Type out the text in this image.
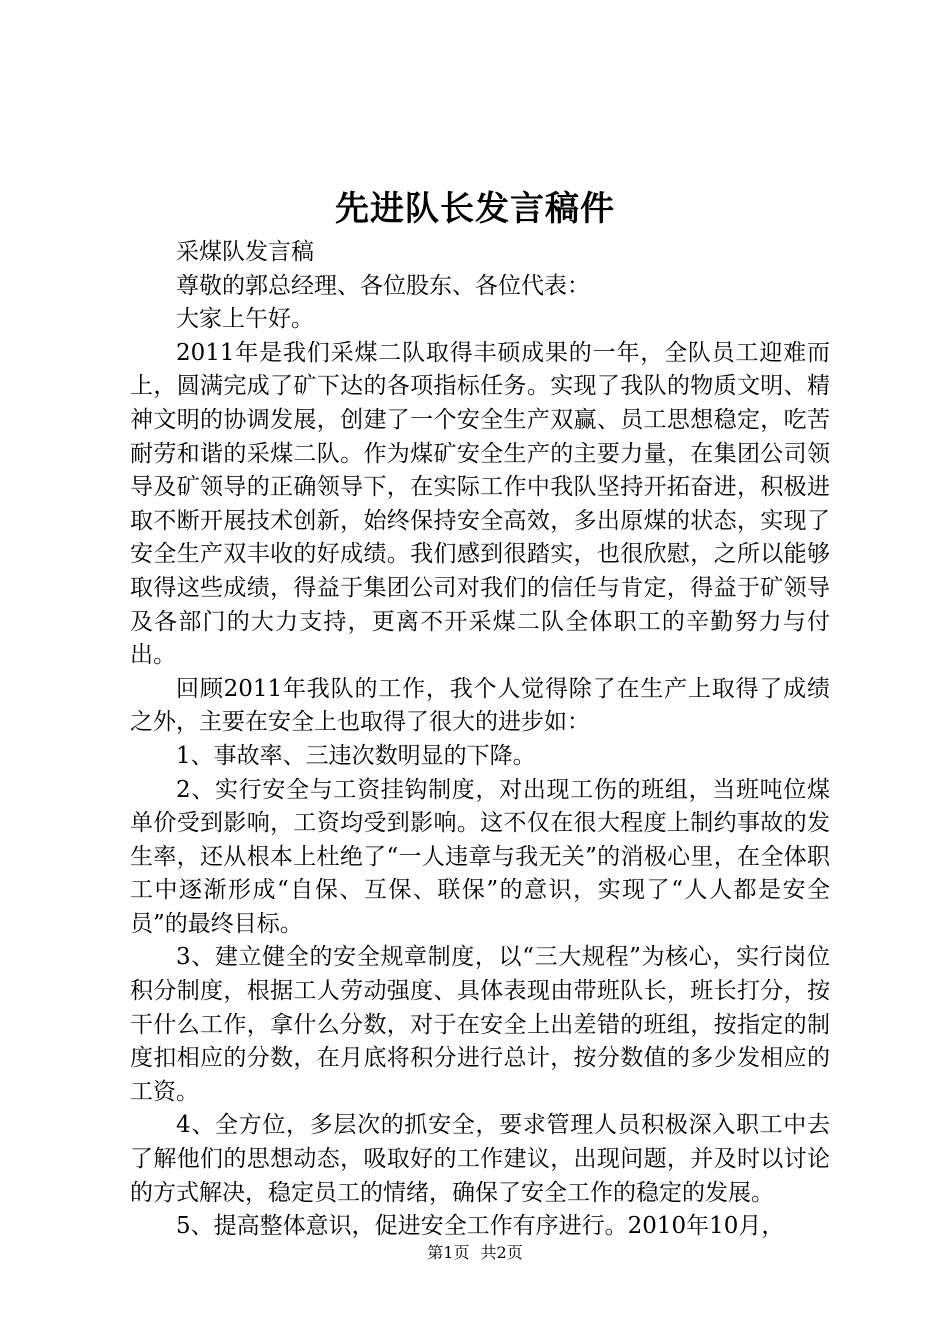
先进队长发言稿件

采煤队发言稿

尊敬的郭总经理、各位股东、各位代表：

大家上午好。

2011年是我们采煤二队取得丰硕成果的一年，全队员工迎难而上，圆满完成了矿下达的各项指标任务。实现了我队的物质文明、精神文明的协调发展，创建了一个安全生产双赢、员工思想稳定，吃苦耐劳和谐的采煤二队。作为煤矿安全生产的主要力量，在集团公司领导及矿领导的正确领导下，在实际工作中我队坚持开拓奋进，积极进取不断开展技术创新，始终保持安全高效，多出原煤的状态，实现了安全生产双丰收的好成绩。我们感到很踏实，也很欣慰，之所以能够取得这些成绩，得益于集团公司对我们的信任与肯定，得益于矿领导及各部门的大力支持，更离不开采煤二队全体职工的辛勤努力与付出。

回顾2011年我队的工作，我个人觉得除了在生产上取得了成绩之外，主要在安全上也取得了很大的进步如：

1、事故率、三违次数明显的下降。

2、实行安全与工资挂钩制度，对出现工伤的班组，当班吨位煤单价受到影响，工资均受到影响。这不仅在很大程度上制约事故的发生率，还从根本上杜绝了“一人违章与我无关”的消极心里，在全体职工中逐渐形成“自保、互保、联保”的意识，实现了“人人都是安全员”的最终目标。

3、建立健全的安全规章制度，以“三大规程”为核心，实行岗位积分制度，根据工人劳动强度、具体表现由带班队长，班长打分，按干什么工作，拿什么分数，对于在安全上出差错的班组，按指定的制度扣相应的分数，在月底将积分进行总计，按分数值的多少发相应的工资。

4、全方位，多层次的抓安全，要求管理人员积极深入职工中去了解他们的思想动态，吸取好的工作建议，出现问题，并及时以讨论的方式解决，稳定员工的情绪，确保了安全工作的稳定的发展。

5、提高整体意识，促进安全工作有序进行。2010年10月，

第1页 共2页
